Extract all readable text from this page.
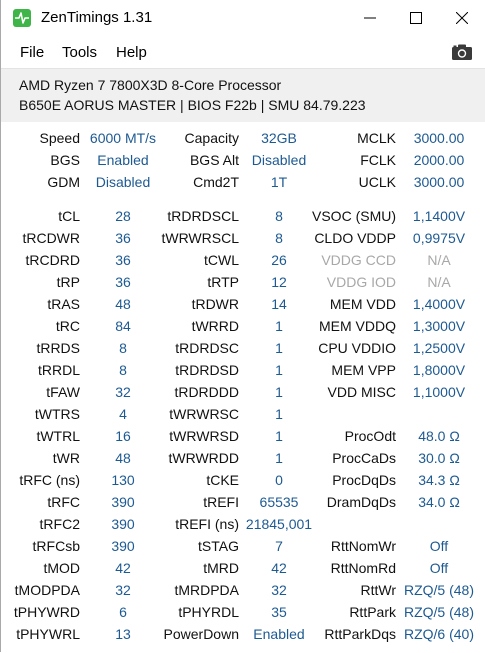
ZenTimings 1.31
File Tools Help
AMD Ryzen 7 7800X3D 8-Core Processor
B650E AORUS MASTER | BIOS F22b | SMU 84.79.223
Speed 6000 MT/s	Capacity	32GB	MCLK	3000.00
BGS	Enabled	BGS Alt Disabled	FCLK	2000.00
GDM	Disabled	Cmd2T	1T	UCLK	3000.00
tCL	28	tRDRDSCL	8	VSOC (SMU)	1,1400V
tRCDWR	36	tWRWRSCL	8	CLDO VDDP	0,9975V
tRCDRD	36	tCWL	26	VDDG CCD	N/A
tRP	36	tRTP	12	VDDG IOD	N/A
tRAS	48	tRDWR	14	MEM VDD	1,4000V
tRC	84	tWRRD	1	MEM VDDQ	1,3000V
tRRDS	8	tRDRDSC	1	CPU VDDIO	1,2500V
tRRDL	8	tRDRDSD	1	MEM VPP	1,8000V
tFAW	32	tRDRDDD	1	VDD MISC	1,1000V
tWTRS	4	tWRWRSC	1
tWTRL	16	tWRWRSD	1	ProcOdt	48.0 Ω
tWR	48	tWRWRDD	1	ProcCaDs	30.0 Ω
tRFC (ns)	130	tCKE	0	ProcDqDs	34.3 Ω
tRFC	390	tREFI	65535	DramDqDs	34.0 Ω
tRFC2	390	tREFI (ns) 21845,001
tRFCsb	390	tSTAG	7	RttNomWr	Off
tMOD	42	tMRD	42	RttNomRd	Off
tMODPDA	32	tMRDPDA	32	RttWr RZQ/5 (48)
tPHYWRD	6	tPHYRDL	35	RttPark RZQ/5 (48)
tPHYWRL	13	PowerDown	Enabled	RttParkDqs RZQ/6 (40)
